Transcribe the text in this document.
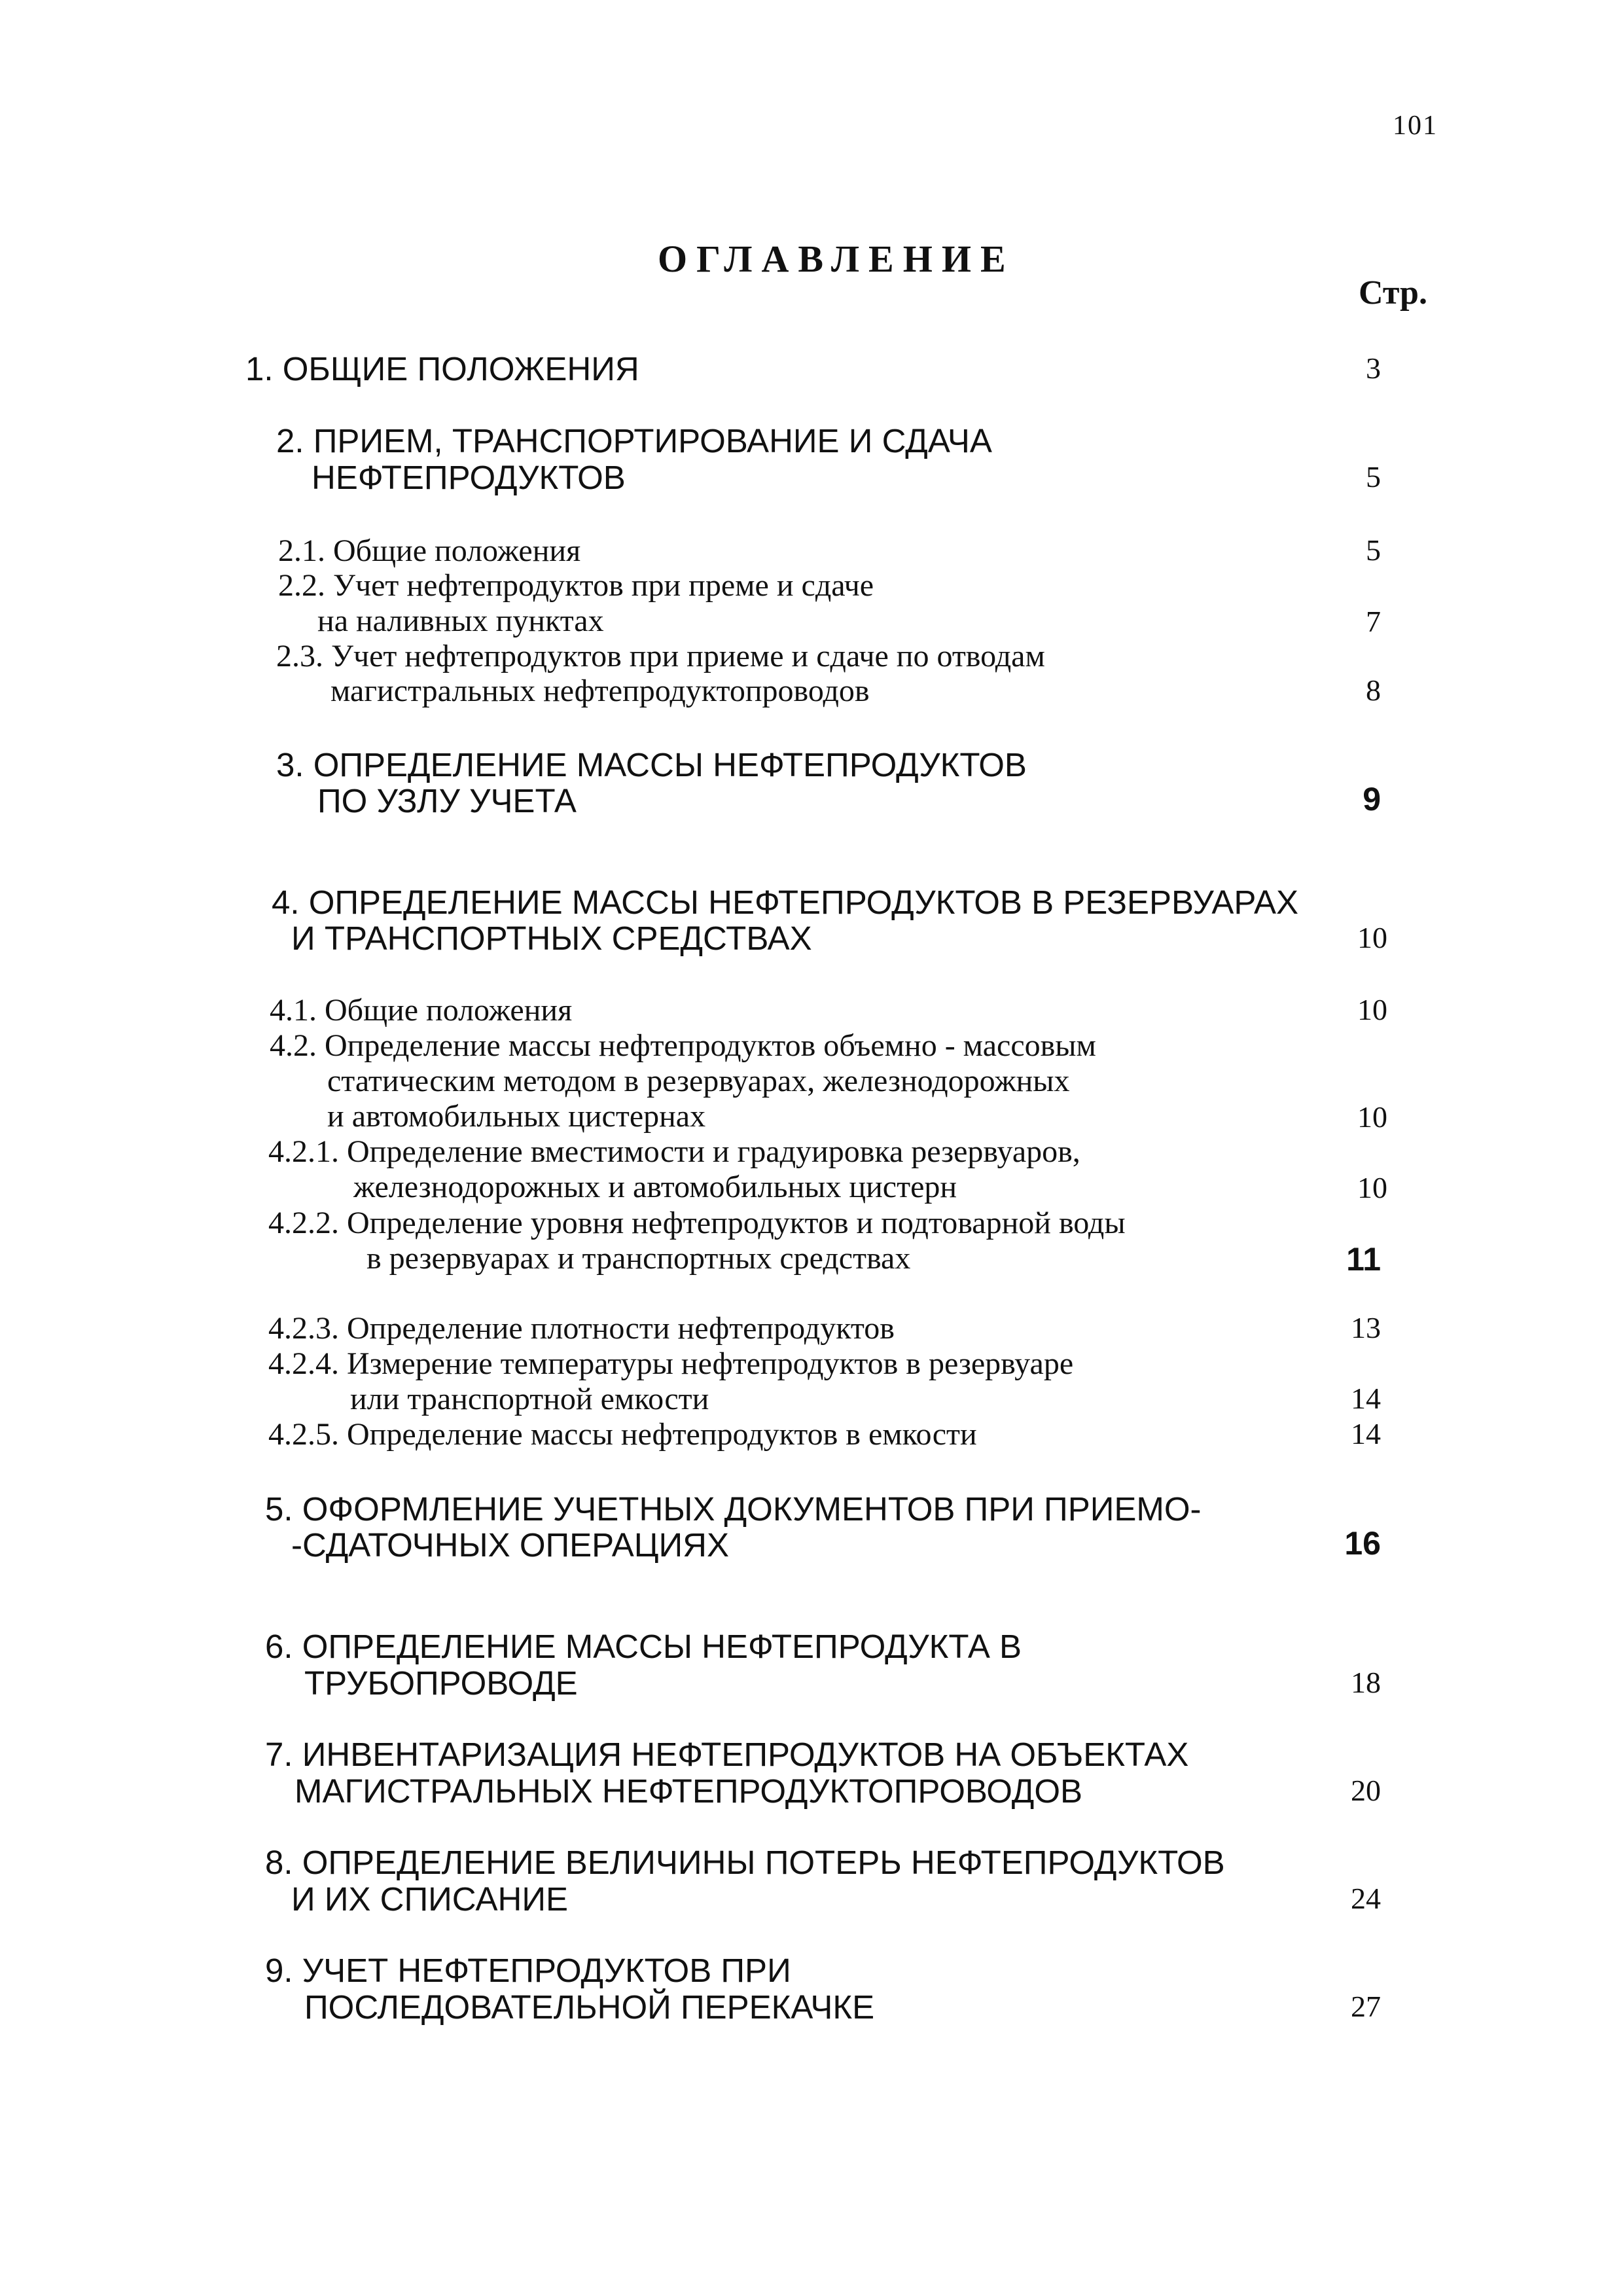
101
ОГЛАВЛЕНИЕ
Стр.
1. ОБЩИЕ ПОЛОЖЕНИЯ	3
2. ПРИЕМ, ТРАНСПОРТИРОВАНИЕ И СДАЧА
НЕФТЕПРОДУКТОВ	5
2.1. Общие положения	5
2.2. Учет нефтепродуктов при преме и сдаче
на наливных пунктах	7
2.3. Учет нефтепродуктов при приеме и сдаче по отводам
магистральных нефтепродуктопроводов	8
3. ОПРЕДЕЛЕНИЕ МАССЫ НЕФТЕПРОДУКТОВ
ПО УЗЛУ УЧЕТА	9
4. ОПРЕДЕЛЕНИЕ МАССЫ НЕФТЕПРОДУКТОВ В РЕЗЕРВУАРАХ
И ТРАНСПОРТНЫХ СРЕДСТВАХ	10
4.1. Общие положения	10
4.2. Определение массы нефтепродуктов объемно - массовым
статическим методом в резервуарах, железнодорожных
и автомобильных цистернах	10
4.2.1. Определение вместимости и градуировка резервуаров,
железнодорожных и автомобильных цистерн	10
4.2.2. Определение уровня нефтепродуктов и подтоварной воды
в резервуарах и транспортных средствах	11
4.2.3. Определение плотности нефтепродуктов	13
4.2.4. Измерение температуры нефтепродуктов в резервуаре
или транспортной емкости	14
4.2.5. Определение массы нефтепродуктов в емкости	14
5. ОФОРМЛЕНИЕ УЧЕТНЫХ ДОКУМЕНТОВ ПРИ ПРИЕМО-
-СДАТОЧНЫХ ОПЕРАЦИЯХ	16
6. ОПРЕДЕЛЕНИЕ МАССЫ НЕФТЕПРОДУКТА В
ТРУБОПРОВОДЕ	18
7. ИНВЕНТАРИЗАЦИЯ НЕФТЕПРОДУКТОВ НА ОБЪЕКТАХ
МАГИСТРАЛЬНЫХ НЕФТЕПРОДУКТОПРОВОДОВ	20
8. ОПРЕДЕЛЕНИЕ ВЕЛИЧИНЫ ПОТЕРЬ НЕФТЕПРОДУКТОВ
И ИХ СПИСАНИЕ	24
9. УЧЕТ НЕФТЕПРОДУКТОВ ПРИ
ПОСЛЕДОВАТЕЛЬНОЙ ПЕРЕКАЧКЕ	27
